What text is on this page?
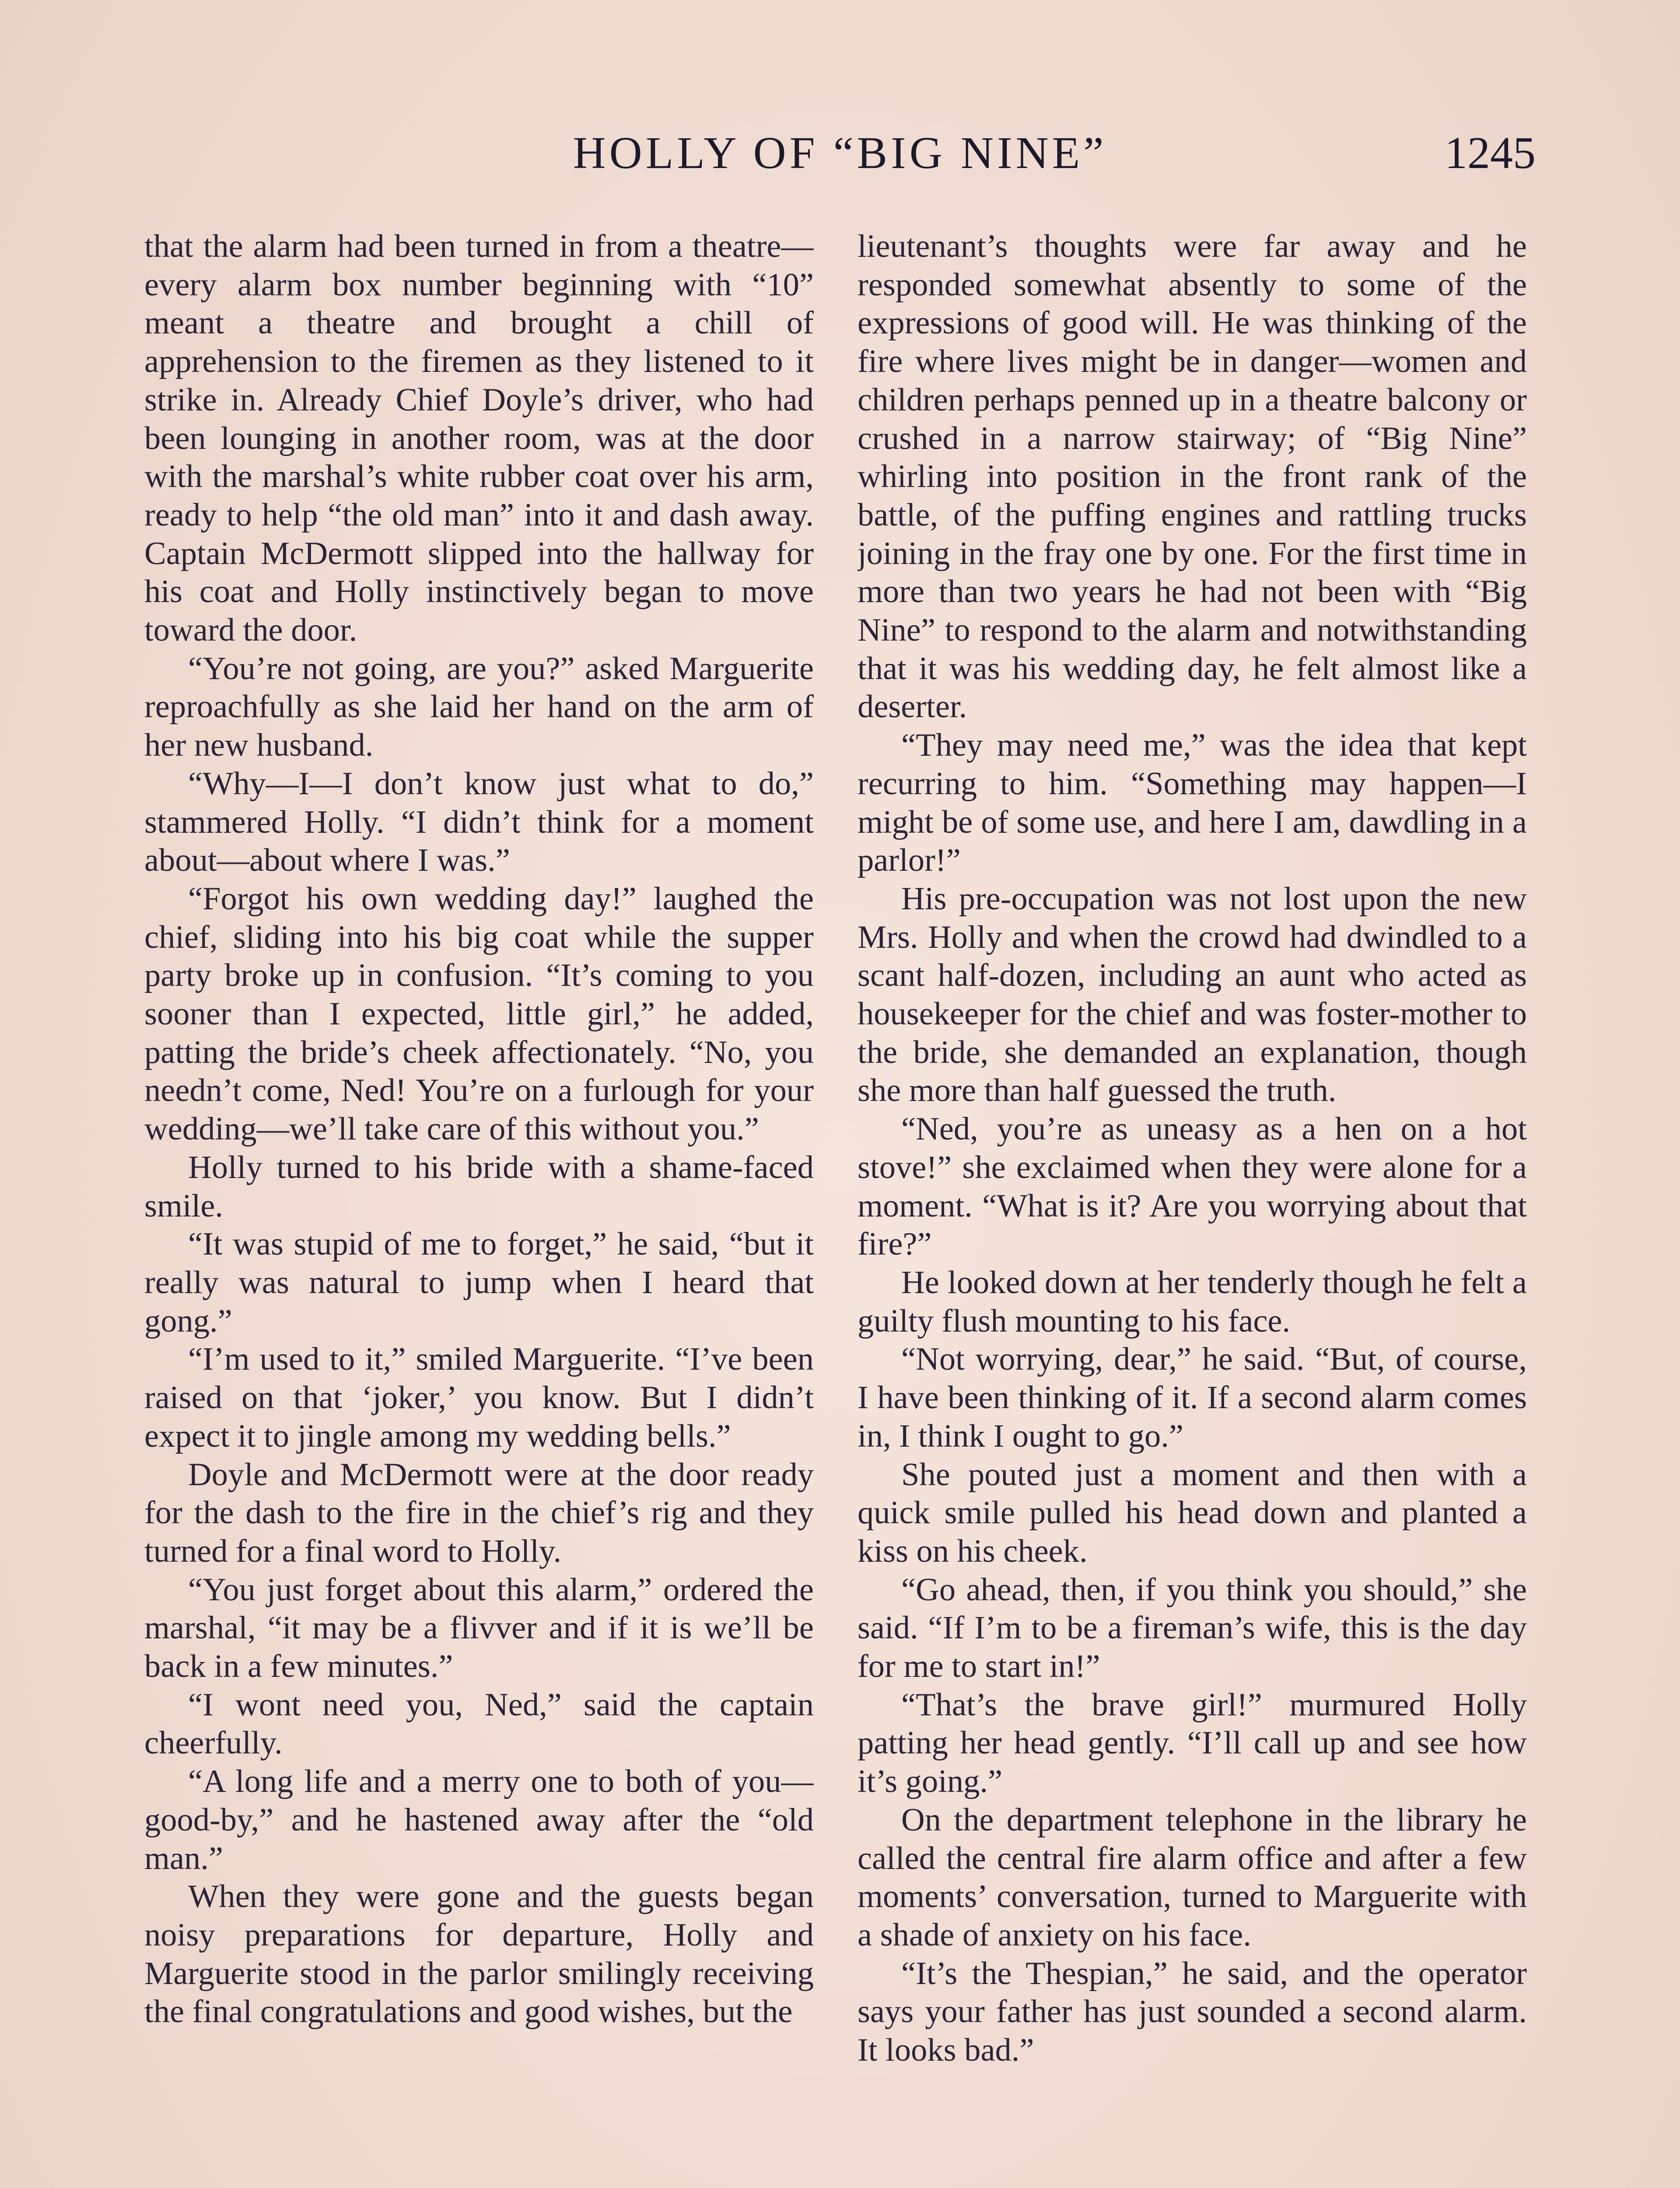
HOLLY OF “BIG NINE”	1245

that the alarm had been turned in from a theatre—every alarm box number beginning with “10” meant a theatre and brought a chill of apprehension to the firemen as they listened to it strike in. Already Chief Doyle’s driver, who had been lounging in another room, was at the door with the marshal’s white rubber coat over his arm, ready to help “the old man” into it and dash away. Captain McDermott slipped into the hallway for his coat and Holly instinctively began to move toward the door.

“You’re not going, are you?” asked Marguerite reproachfully as she laid her hand on the arm of her new husband.

“Why—I—I don’t know just what to do,” stammered Holly. “I didn’t think for a moment about—about where I was.”

“Forgot his own wedding day!” laughed the chief, sliding into his big coat while the supper party broke up in confusion. “It’s coming to you sooner than I expected, little girl,” he added, patting the bride’s cheek affectionately. “No, you needn’t come, Ned! You’re on a furlough for your wedding—we’ll take care of this without you.”

Holly turned to his bride with a shame-faced smile.

“It was stupid of me to forget,” he said, “but it really was natural to jump when I heard that gong.”

“I’m used to it,” smiled Marguerite. “I’ve been raised on that ‘joker,’ you know. But I didn’t expect it to jingle among my wedding bells.”

Doyle and McDermott were at the door ready for the dash to the fire in the chief’s rig and they turned for a final word to Holly.

“You just forget about this alarm,” ordered the marshal, “it may be a flivver and if it is we’ll be back in a few minutes.”

“I wont need you, Ned,” said the captain cheerfully.

“A long life and a merry one to both of you—good-by,” and he hastened away after the “old man.”

When they were gone and the guests began noisy preparations for departure, Holly and Marguerite stood in the parlor smilingly receiving the final congratulations and good wishes, but the

lieutenant’s thoughts were far away and he responded somewhat absently to some of the expressions of good will. He was thinking of the fire where lives might be in danger—women and children perhaps penned up in a theatre balcony or crushed in a narrow stairway; of “Big Nine” whirling into position in the front rank of the battle, of the puffing engines and rattling trucks joining in the fray one by one. For the first time in more than two years he had not been with “Big Nine” to respond to the alarm and notwithstanding that it was his wedding day, he felt almost like a deserter.

“They may need me,” was the idea that kept recurring to him. “Something may happen—I might be of some use, and here I am, dawdling in a parlor!”

His pre-occupation was not lost upon the new Mrs. Holly and when the crowd had dwindled to a scant half-dozen, including an aunt who acted as housekeeper for the chief and was foster-mother to the bride, she demanded an explanation, though she more than half guessed the truth.

“Ned, you’re as uneasy as a hen on a hot stove!” she exclaimed when they were alone for a moment. “What is it? Are you worrying about that fire?”

He looked down at her tenderly though he felt a guilty flush mounting to his face.

“Not worrying, dear,” he said. “But, of course, I have been thinking of it. If a second alarm comes in, I think I ought to go.”

She pouted just a moment and then with a quick smile pulled his head down and planted a kiss on his cheek.

“Go ahead, then, if you think you should,” she said. “If I’m to be a fireman’s wife, this is the day for me to start in!”

“That’s the brave girl!” murmured Holly patting her head gently. “I’ll call up and see how it’s going.”

On the department telephone in the library he called the central fire alarm office and after a few moments’ conversation, turned to Marguerite with a shade of anxiety on his face.

“It’s the Thespian,” he said, and the operator says your father has just sounded a second alarm. It looks bad.”
